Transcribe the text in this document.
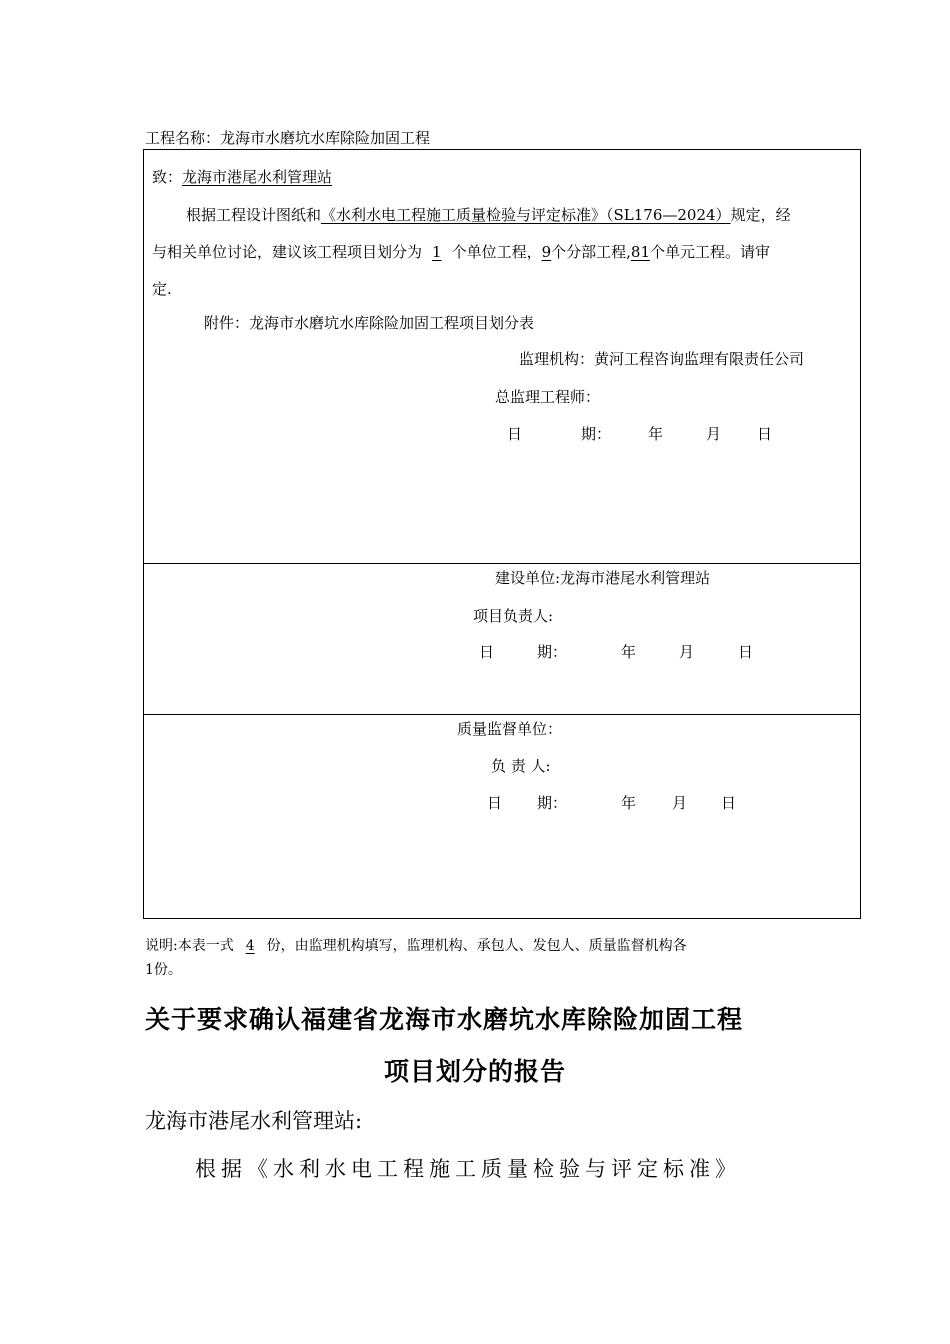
工程名称：龙海市水磨坑水库除险加固工程
致：龙海市港尾水利管理站
根据工程设计图纸和《水利水电工程施工质量检验与评定标准》（SL176—2024）规定，经
与相关单位讨论，建议该工程项目划分为 1 个单位工程，9个分部工程,81个单元工程。请审
定.
附件：龙海市水磨坑水库除险加固工程项目划分表
监理机构：黄河工程咨询监理有限责任公司
总监理工程师：
日	期： 年	月 日
建设单位:龙海市港尾水利管理站
项目负责人:
日	期：	年	月	日
质量监督单位：
负 责 人:
日 期：	年 月 日
说明:本表一式 4 份，由监理机构填写，监理机构、承包人、发包人、质量监督机构各
1份。
关于要求确认福建省龙海市水磨坑水库除险加固工程
项目划分的报告
龙海市港尾水利管理站:
根据《水利水电工程施工质量检验与评定标准》
